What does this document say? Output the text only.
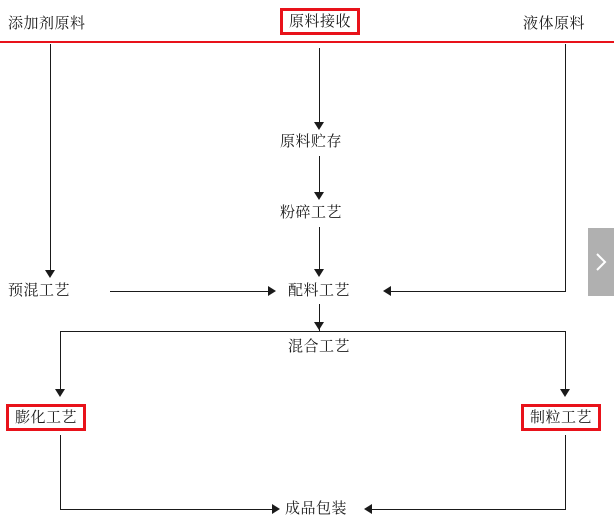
添加剂原料	原料接收	液体原料
原料贮存
粉碎工艺
预混工艺	配料工艺
混合工艺
膨化工艺	制粒工艺
成品包装
